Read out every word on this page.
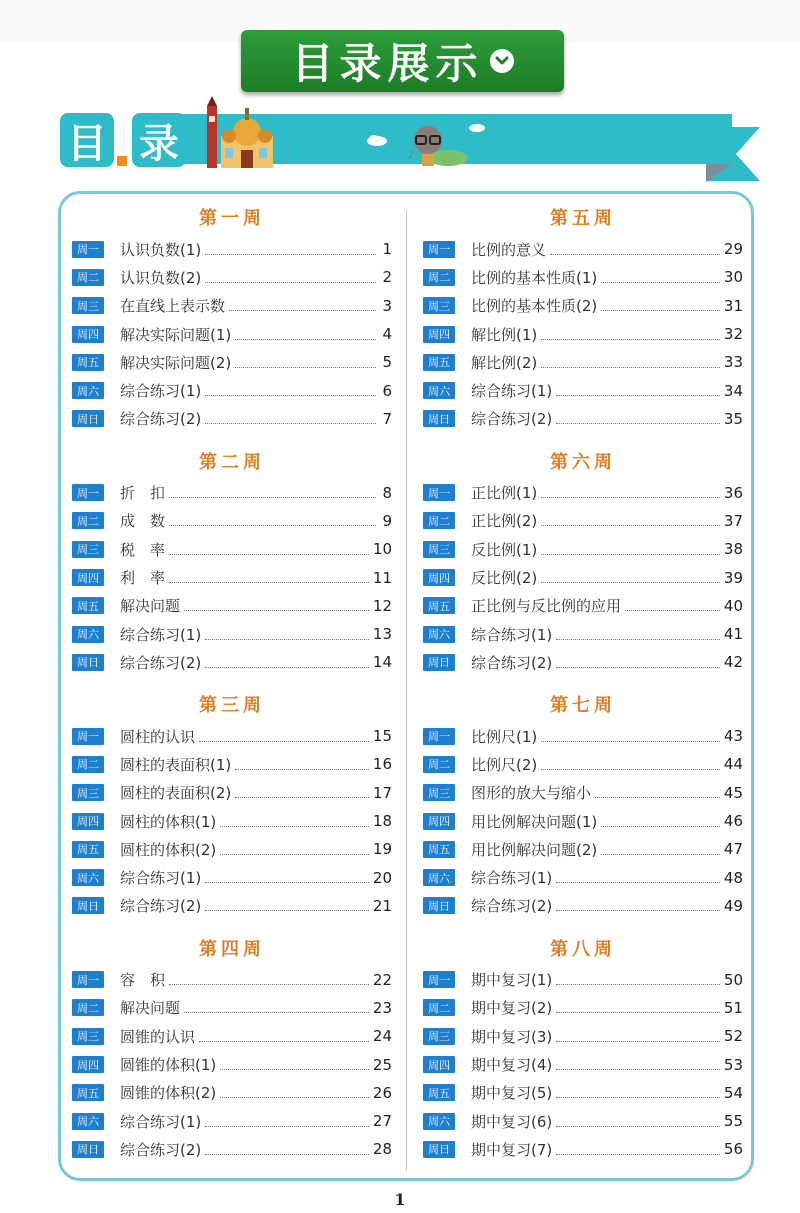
目录展示
目 录	♪
第一周
周一	认识负数(1)	1
周二	认识负数(2)	2
周三	在直线上表示数	3
周四	解决实际问题(1)	4
周五	解决实际问题(2)	5
周六	综合练习(1)	6
周日	综合练习(2)	7
第二周
周一	折　扣	8
周二	成　数	9
周三	税　率	10
周四	利　率	11
周五	解决问题	12
周六	综合练习(1)	13
周日	综合练习(2)	14
第三周
周一	圆柱的认识	15
周二	圆柱的表面积(1)	16
周三	圆柱的表面积(2)	17
周四	圆柱的体积(1)	18
周五	圆柱的体积(2)	19
周六	综合练习(1)	20
周日	综合练习(2)	21
第四周
周一	容　积	22
周二	解决问题	23
周三	圆锥的认识	24
周四	圆锥的体积(1)	25
周五	圆锥的体积(2)	26
周六	综合练习(1)	27
周日	综合练习(2)	28
第五周
周一	比例的意义	29
周二	比例的基本性质(1)	30
周三	比例的基本性质(2)	31
周四	解比例(1)	32
周五	解比例(2)	33
周六	综合练习(1)	34
周日	综合练习(2)	35
第六周
周一	正比例(1)	36
周二	正比例(2)	37
周三	反比例(1)	38
周四	反比例(2)	39
周五	正比例与反比例的应用	40
周六	综合练习(1)	41
周日	综合练习(2)	42
第七周
周一	比例尺(1)	43
周二	比例尺(2)	44
周三	图形的放大与缩小	45
周四	用比例解决问题(1)	46
周五	用比例解决问题(2)	47
周六	综合练习(1)	48
周日	综合练习(2)	49
第八周
周一	期中复习(1)	50
周二	期中复习(2)	51
周三	期中复习(3)	52
周四	期中复习(4)	53
周五	期中复习(5)	54
周六	期中复习(6)	55
周日	期中复习(7)	56
1
